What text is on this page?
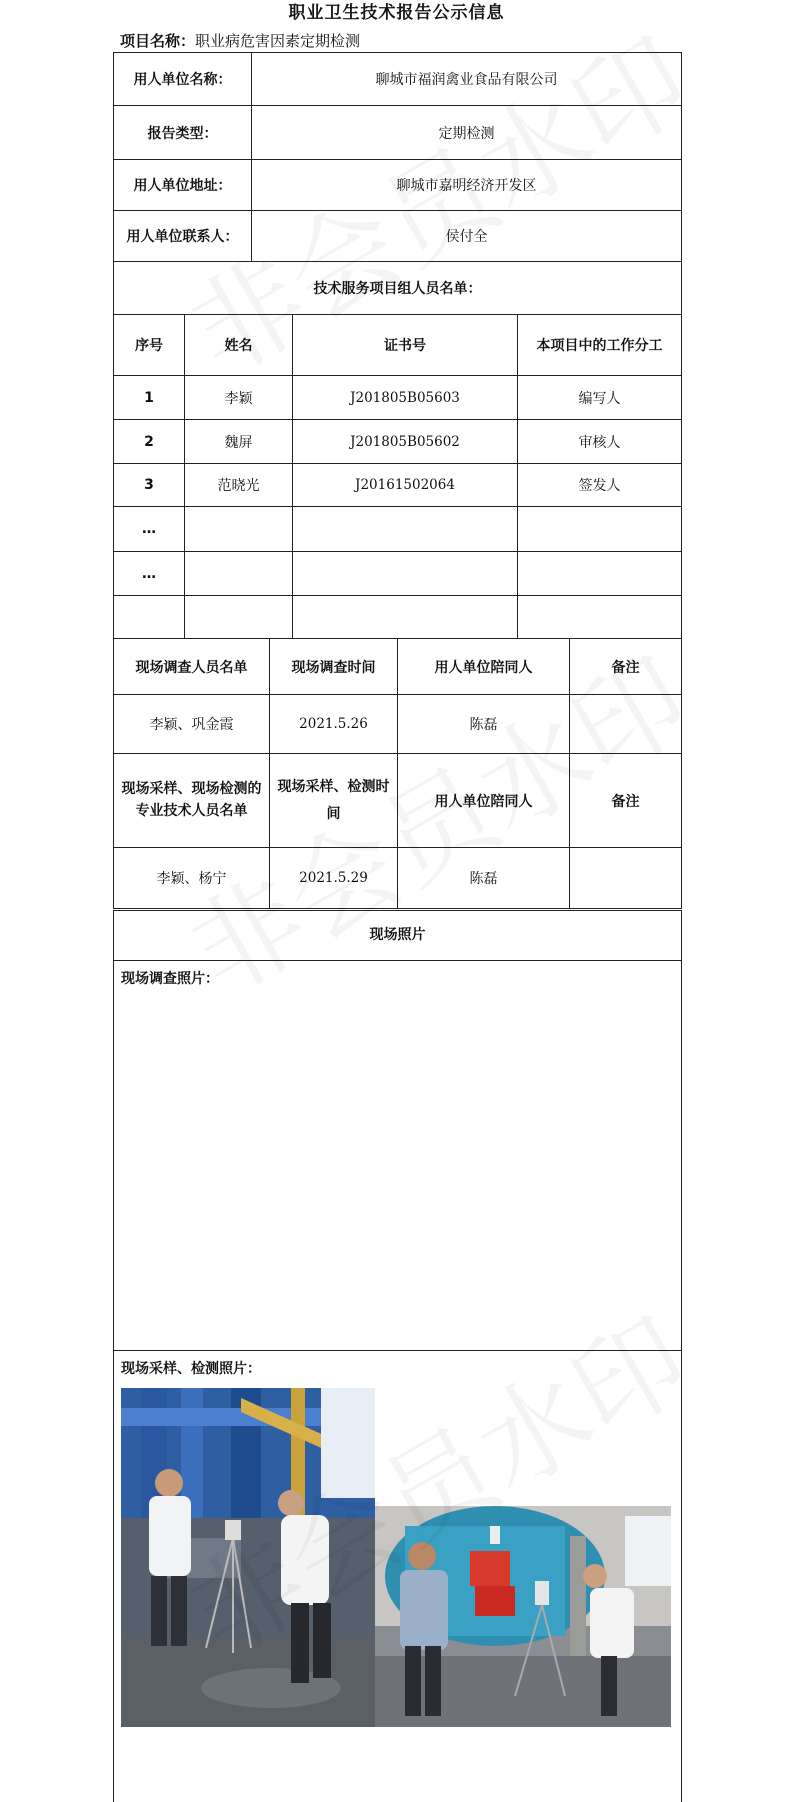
职业卫生技术报告公示信息
项目名称：职业病危害因素定期检测
用人单位名称：	聊城市福润禽业食品有限公司
报告类型：	定期检测
用人单位地址：	聊城市嘉明经济开发区
用人单位联系人：	侯付全
技术服务项目组人员名单：			
序号	姓名	证书号	本项目中的工作分工
1	李颖	J201805B05603	编写人
2	魏屏	J201805B05602	审核人
3	范晓光	J20161502064	签发人
…			
…			

现场调查人员名单	现场调查时间	用人单位陪同人	备注
李颖、巩金霞	2021.5.26	陈磊	
现场采样、现场检测的专业技术人员名单	现场采样、检测时间	用人单位陪同人	备注
李颖、杨宁	2021.5.29	陈磊	
现场照片
现场调查照片：
现场采样、检测照片：
